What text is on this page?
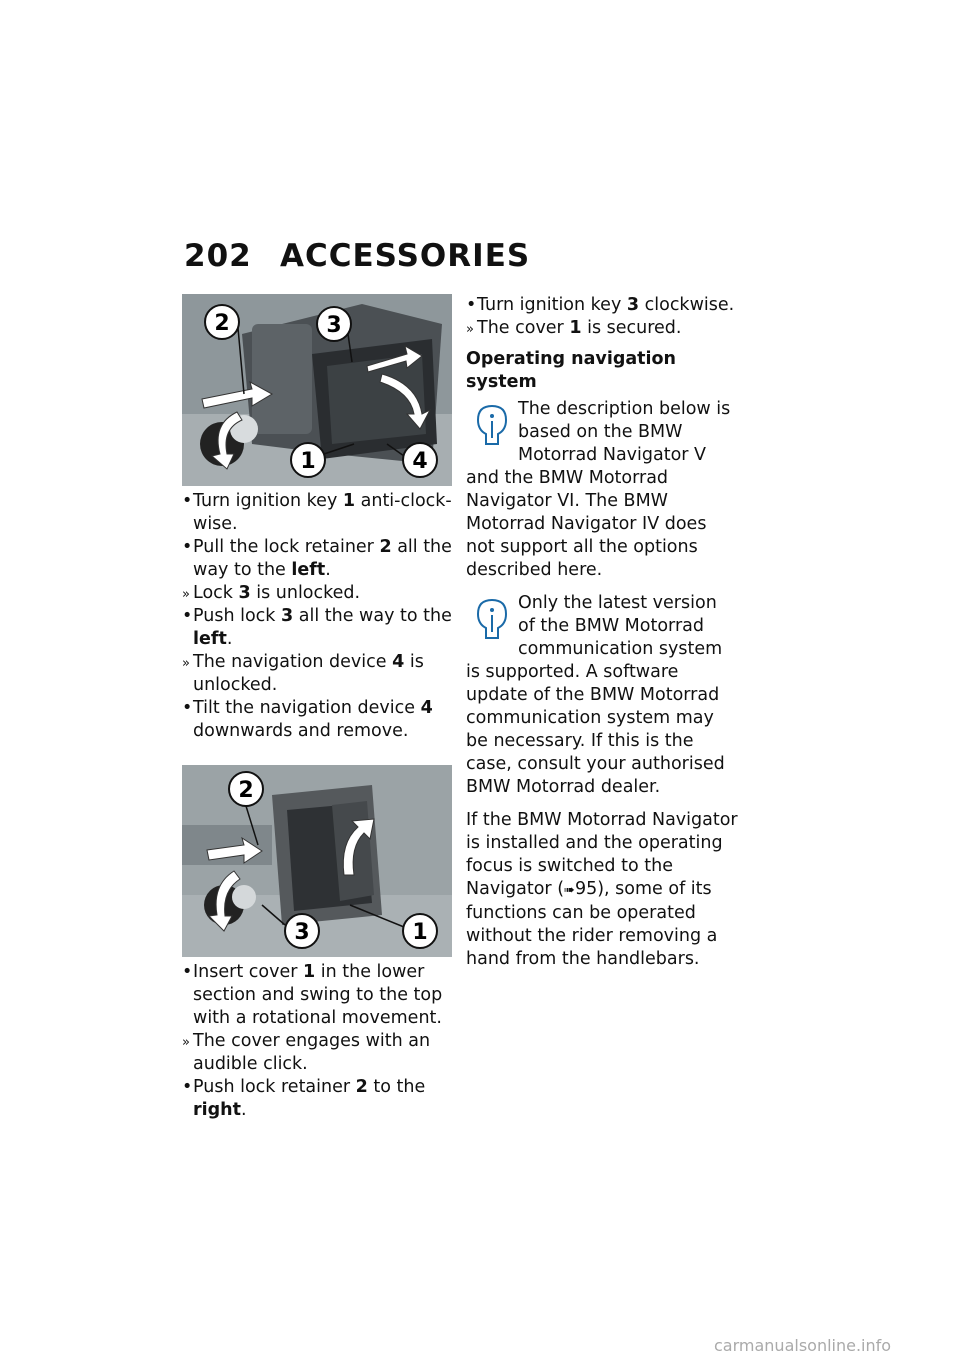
202 ACCESSORIES
2	3
1	4

• Turn ignition key 1 anti-clock-wise.

• Pull the lock retainer 2 all the way to the left.

» Lock 3 is unlocked.

• Push lock 3 all the way to the left.

» The navigation device 4 is unlocked.

• Tilt the navigation device 4 downwards and remove.

2
3	1

• Insert cover 1 in the lower section and swing to the top with a rotational movement.

» The cover engages with an audible click.

• Push lock retainer 2 to the right.

• Turn ignition key 3 clockwise.

» The cover 1 is secured.

Operating navigation system

The description below is based on the BMW Motorrad Navigator V and the BMW Motorrad Navigator VI. The BMW Motorrad Navigator IV does not support all the options described here.

Only the latest version of the BMW Motorrad communication system is supported. A software update of the BMW Motorrad communication system may be necessary. If this is the case, consult your authorised BMW Motorrad dealer.

If the BMW Motorrad Navigator is installed and the operating focus is switched to the Navigator (➠95), some of its functions can be operated without the rider removing a hand from the handlebars.

carmanualsonline.info
